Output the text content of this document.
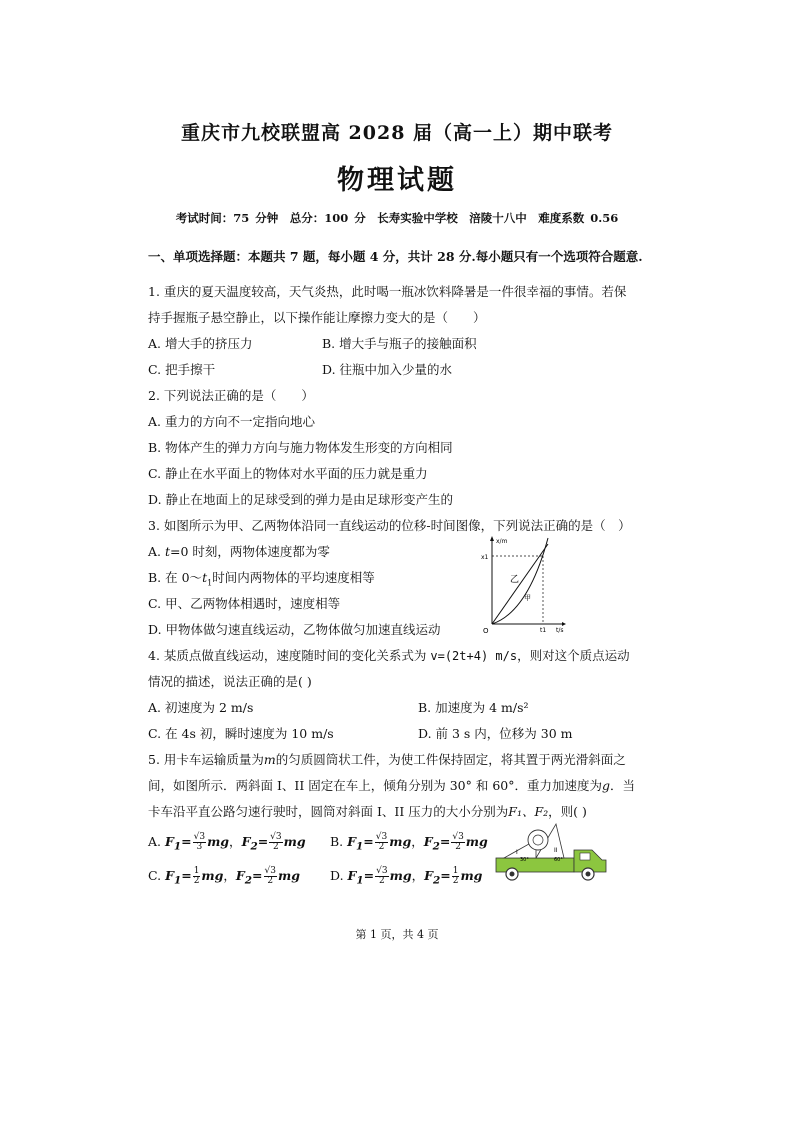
重庆市九校联盟高 2028 届（高一上）期中联考
物理试题
考试时间：75 分钟　总分：100 分　长寿实验中学校　涪陵十八中　难度系数 0.56
一、单项选择题：本题共 7 题，每小题 4 分，共计 28 分.每小题只有一个选项符合题意.
1. 重庆的夏天温度较高，天气炎热，此时喝一瓶冰饮料降暑是一件很幸福的事情。若保
持手握瓶子悬空静止，以下操作能让摩擦力变大的是（　　）
A. 增大手的挤压力	B. 增大手与瓶子的接触面积
C. 把手擦干	D. 往瓶中加入少量的水
2. 下列说法正确的是（　　）
A. 重力的方向不一定指向地心
B. 物体产生的弹力方向与施力物体发生形变的方向相同
C. 静止在水平面上的物体对水平面的压力就是重力
D. 静止在地面上的足球受到的弹力是由足球形变产生的
3. 如图所示为甲、乙两物体沿同一直线运动的位移-时间图像，下列说法正确的是（　）
A. t=0 时刻，两物体速度都为零
B. 在 $0\sim t_1$时间内两物体的平均速度相等
C. 甲、乙两物体相遇时，速度相等
D. 甲物体做匀速直线运动，乙物体做匀加速直线运动
x/m
t/s
x1
t1
O
乙
甲
4. 某质点做直线运动，速度随时间的变化关系式为 v=(2t+4) m/s，则对这个质点运动
情况的描述，说法正确的是( )
A. 初速度为 2 m/s	B. 加速度为 4 m/s²
C. 在 4s 初，瞬时速度为 10 m/s	D. 前 3 s 内，位移为 30 m
5. 用卡车运输质量为m的匀质圆筒状工件，为使工件保持固定，将其置于两光滑斜面之
间，如图所示．两斜面 I、II 固定在车上，倾角分别为 30° 和 60°．重力加速度为g．当
卡车沿平直公路匀速行驶时，圆筒对斜面 I、II 压力的大小分别为F₁、F₂，则( )
A. $F_1= \frac{√3}{3}$ mg，$F_2= \frac{√3}{2}$ mg B. $F_1= \frac{√3}{2}$ mg，$F_2= \frac{√3}{2}$ mg
C. $F_1= \frac{1}{2}$ mg，$F_2= \frac{√3}{2}$ mg D. $F_1= \frac{√3}{2}$ mg，$F_2= \frac{1}{2}$ mg
I	II
30°	60°
第 1 页，共 4 页
